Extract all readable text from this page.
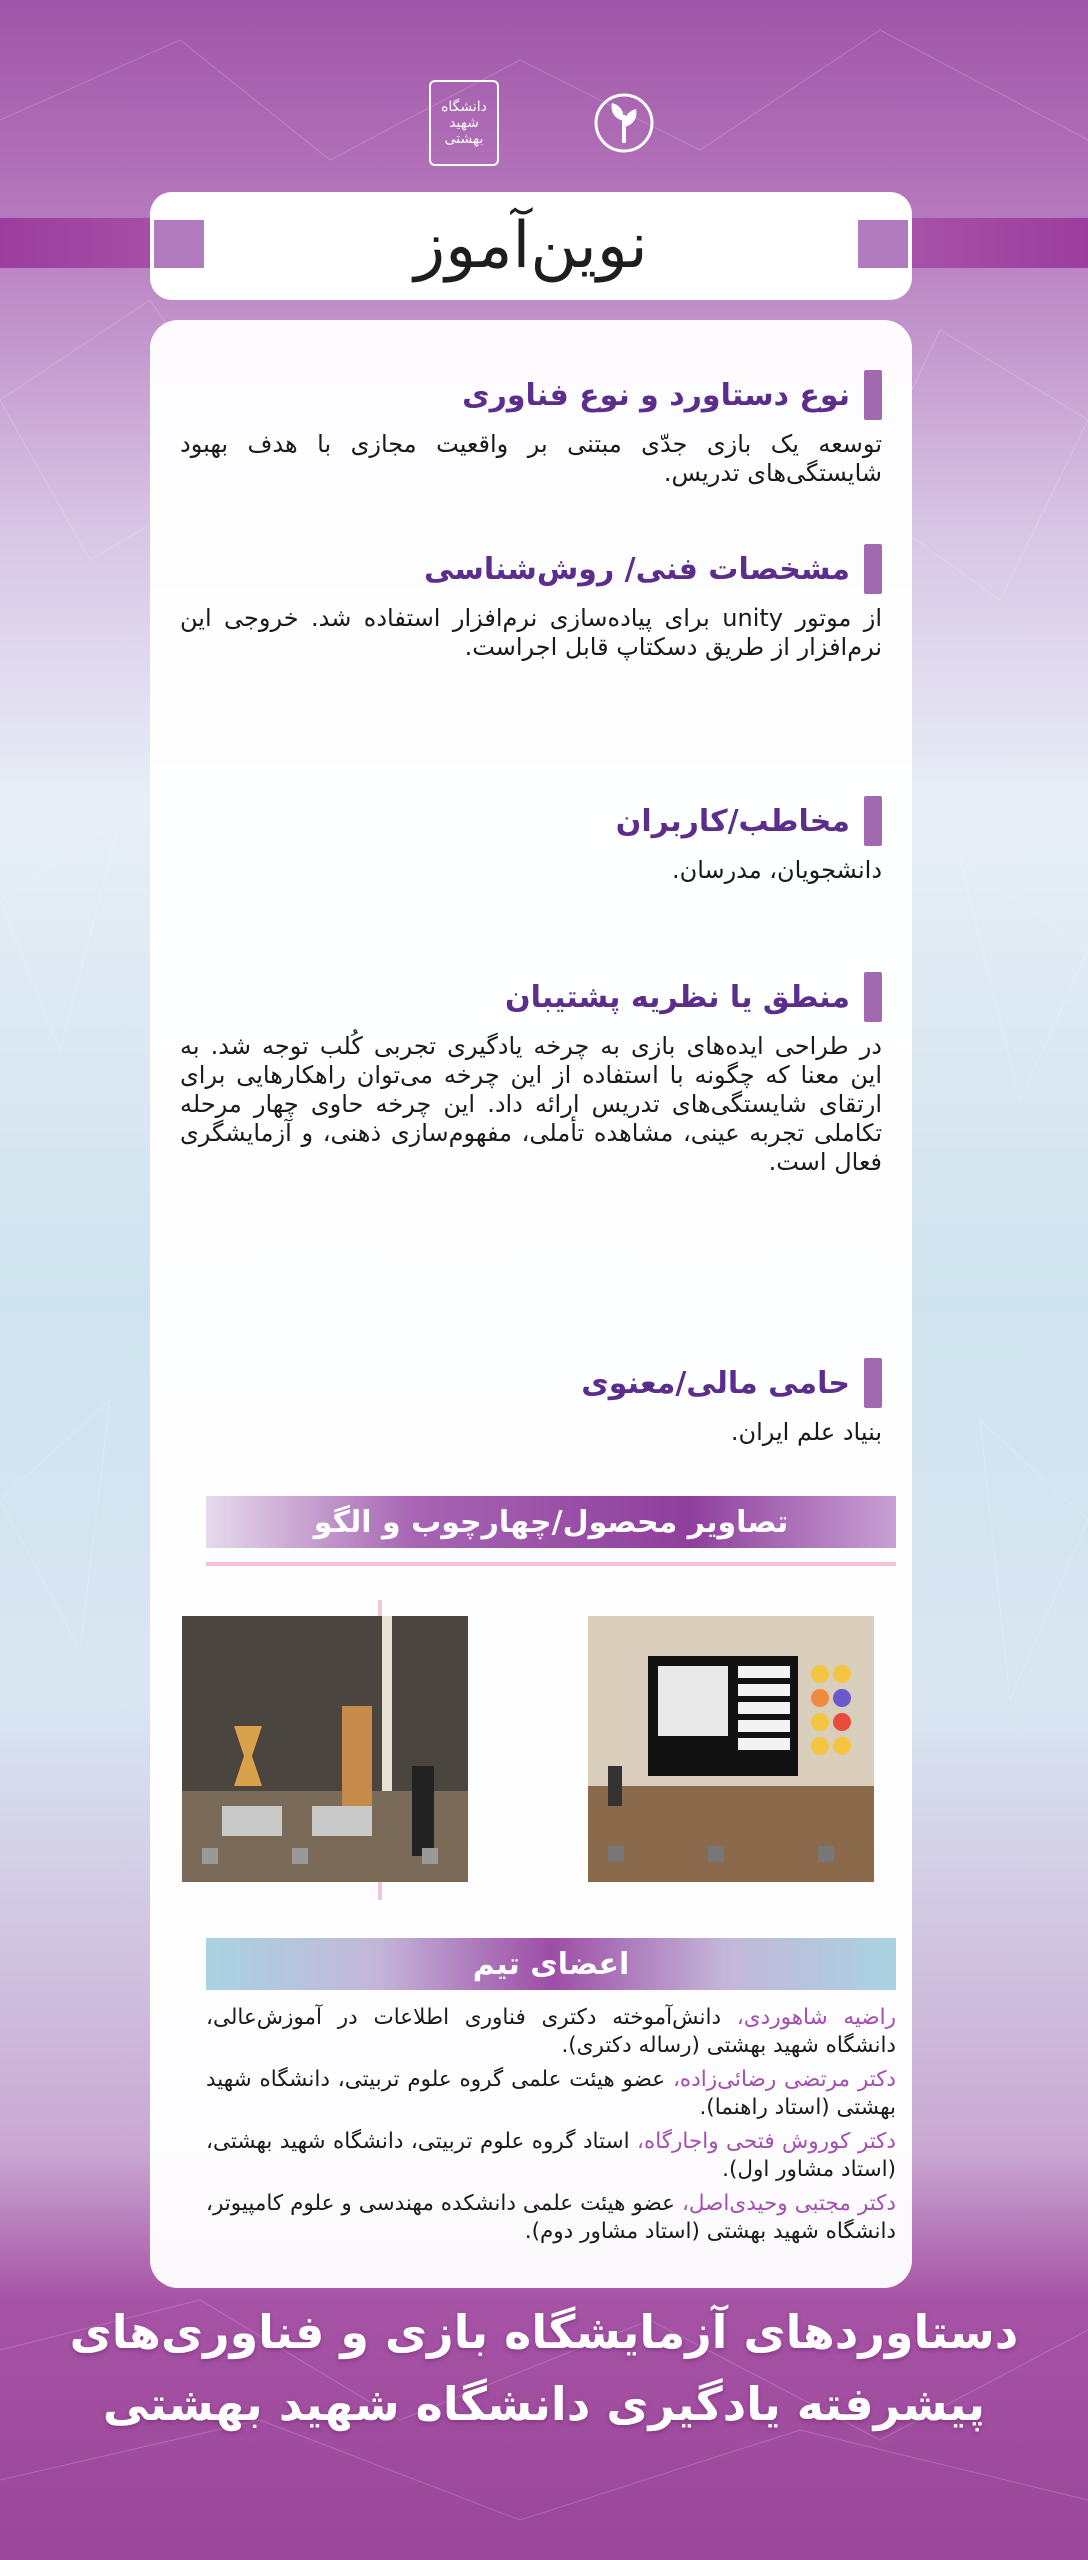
دانشگاه
شهید
بهشتی
نوین‌آموز
نوع دستاورد و نوع فناوری
توسعه یک بازی جدّی مبتنی بر واقعیت مجازی با هدف بهبود شایستگی‌های تدریس.
مشخصات فنی/ روش‌شناسی
از موتور unity برای پیاده‌سازی نرم‌افزار استفاده شد. خروجی این نرم‌افزار از طریق دسکتاپ قابل اجراست.
مخاطب/کاربران
دانشجویان، مدرسان.
منطق یا نظریه پشتیبان
در طراحی ایده‌های بازی به چرخه یادگیری تجربی کُلب توجه شد. به این معنا که چگونه با استفاده از این چرخه می‌توان راهکارهایی برای ارتقای شایستگی‌های تدریس ارائه داد. این چرخه حاوی چهار مرحله تکاملی تجربه عینی، مشاهده تأملی، مفهوم‌سازی ذهنی، و آزمایشگری فعال است.
حامی مالی/معنوی
بنیاد علم ایران.
تصاویر محصول/چهارچوب و الگو
اعضای تیم
راضیه شاهوردی، دانش‌آموخته دکتری فناوری اطلاعات در آموزش‌عالی، دانشگاه شهید بهشتی (رساله دکتری).
دکتر مرتضی رضائی‌زاده، عضو هیئت علمی گروه علوم تربیتی، دانشگاه شهید بهشتی (استاد راهنما).
دکتر کوروش فتحی واجارگاه، استاد گروه علوم تربیتی، دانشگاه شهید بهشتی، (استاد مشاور اول).
دکتر مجتبی وحیدی‌اصل، عضو هیئت علمی دانشکده مهندسی و علوم کامپیوتر، دانشگاه شهید بهشتی (استاد مشاور دوم).
دستاوردهای آزمایشگاه بازی و فناوری‌های
پیشرفته یادگیری دانشگاه شهید بهشتی
